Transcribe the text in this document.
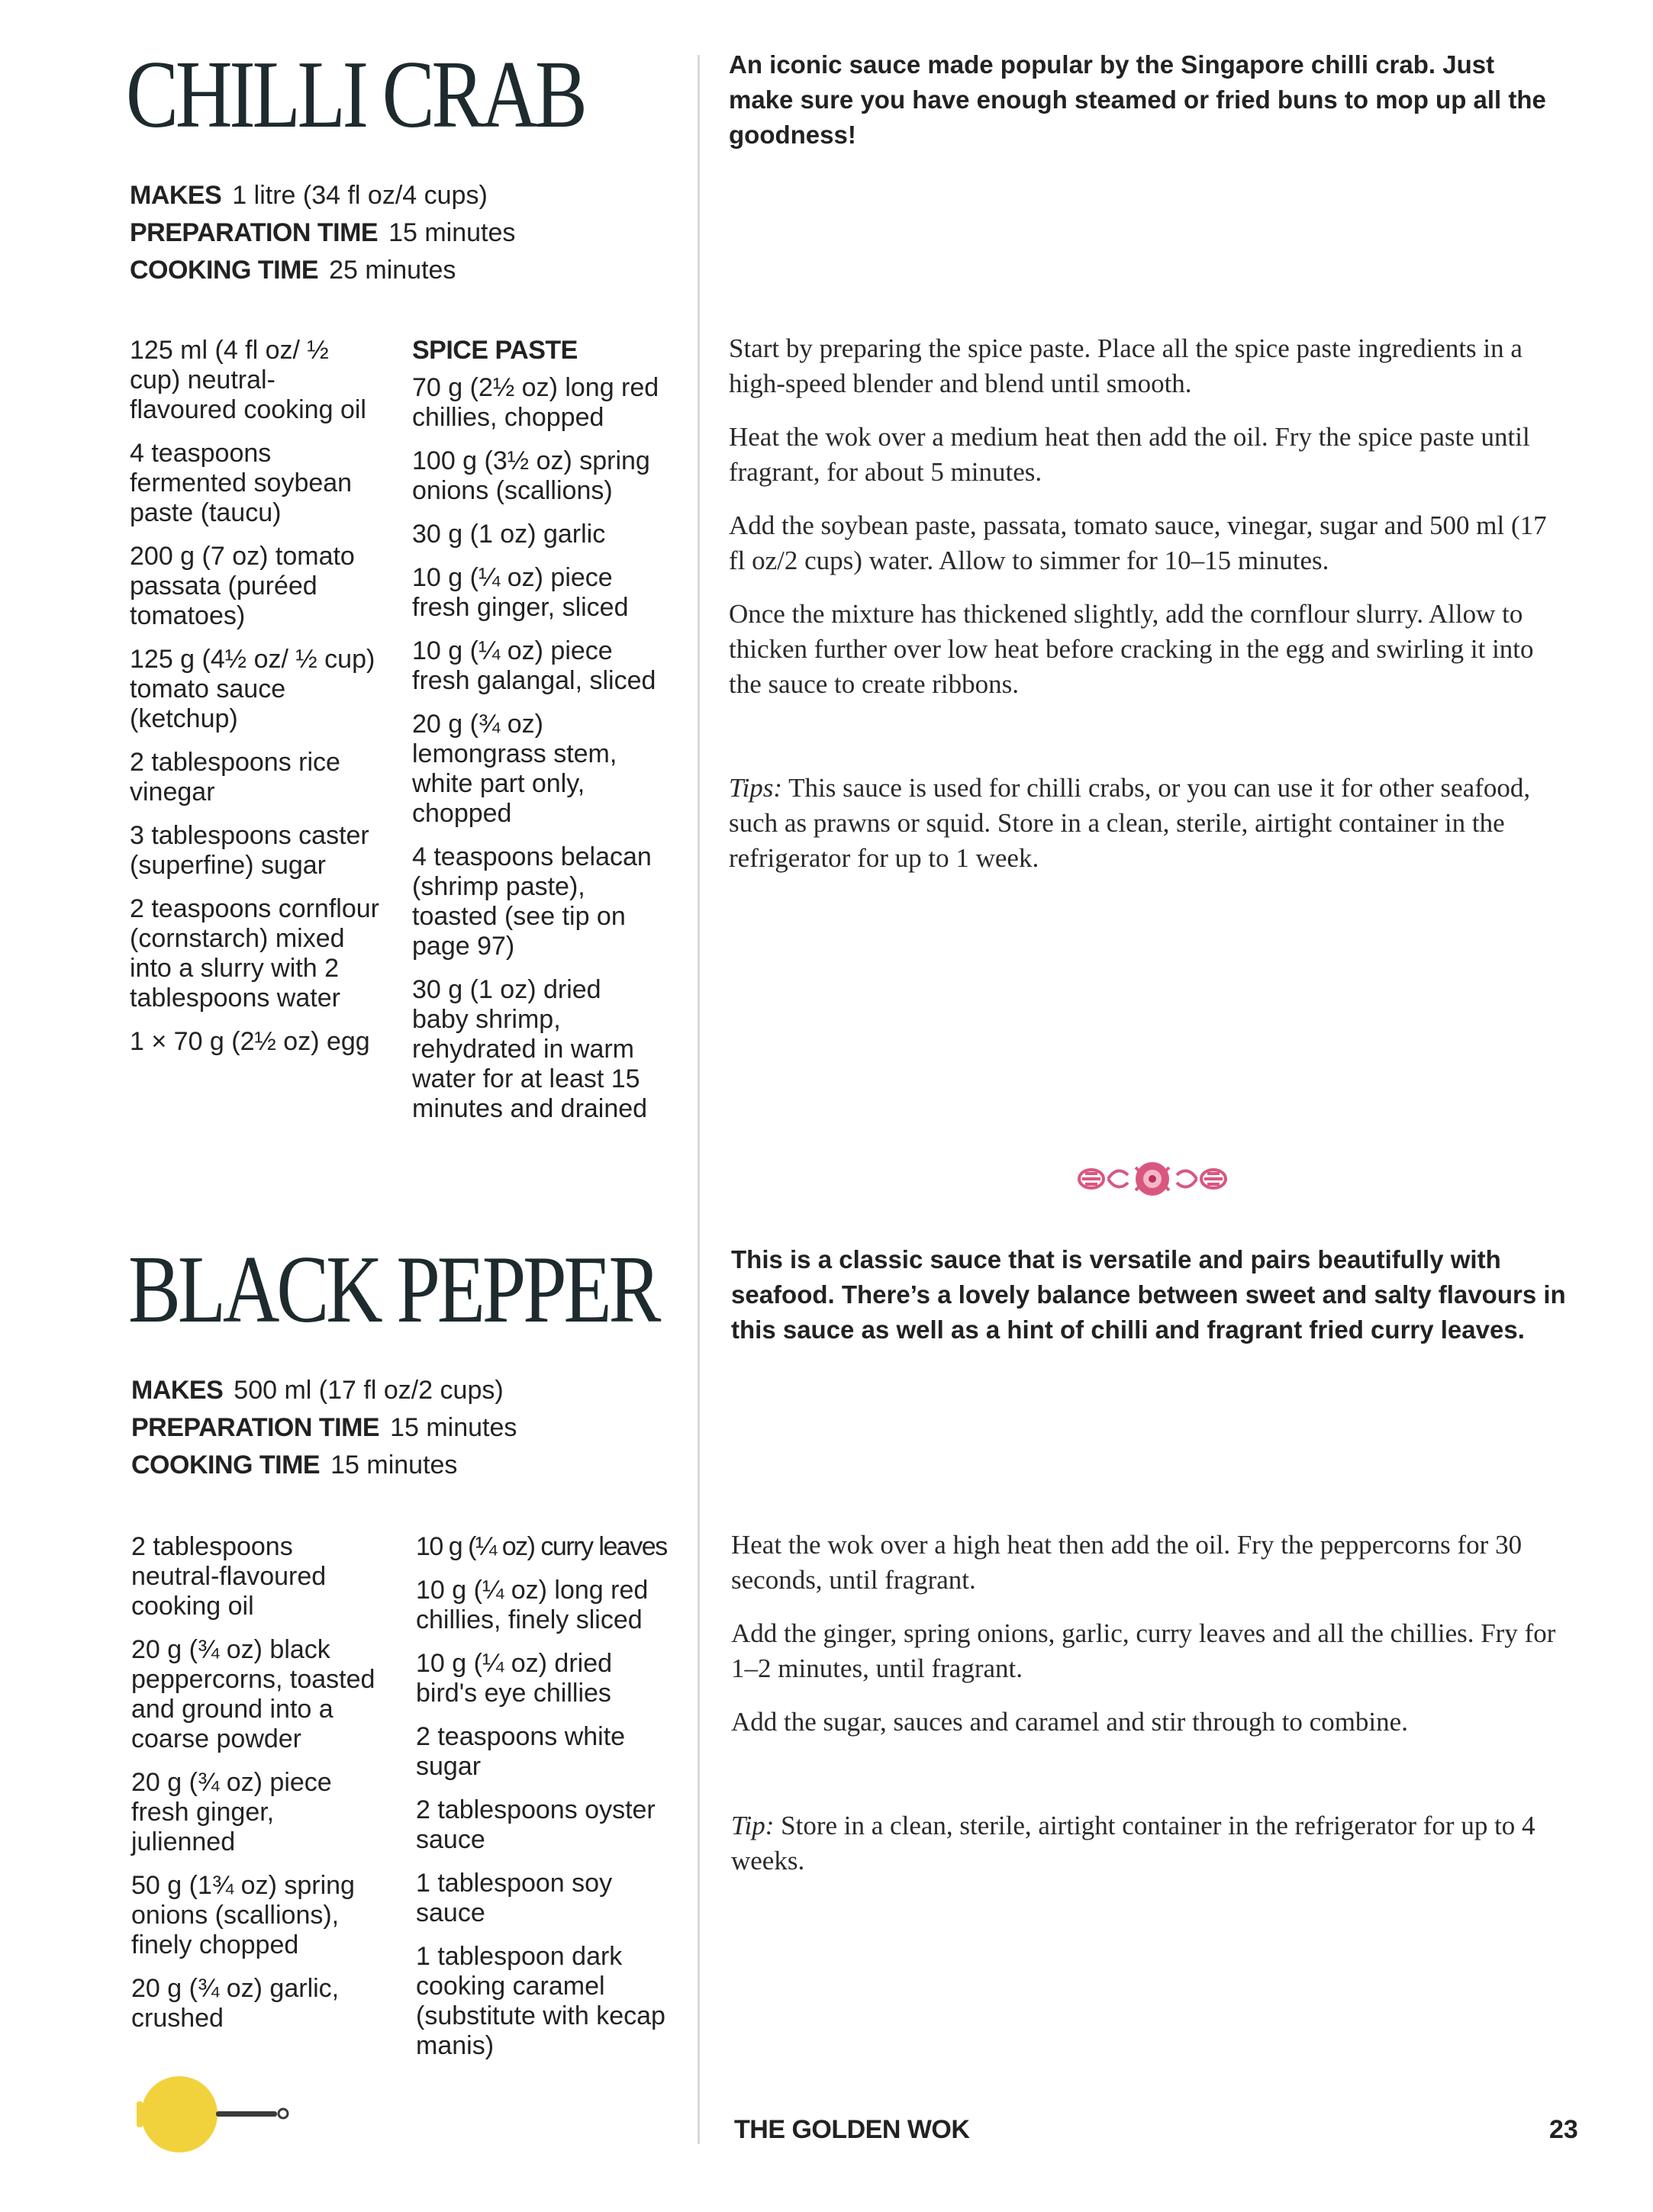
CHILLI CRAB
MAKES 1 litre (34 fl oz/4 cups)
PREPARATION TIME 15 minutes
COOKING TIME 25 minutes

125 ml (4 fl oz/ ½ cup) neutral-flavoured cooking oil

4 teaspoons fermented soybean paste (taucu)

200 g (7 oz) tomato passata (puréed tomatoes)

125 g (4½ oz/ ½ cup) tomato sauce (ketchup)

2 tablespoons rice vinegar

3 tablespoons caster (superfine) sugar

2 teaspoons cornflour (cornstarch) mixed into a slurry with 2 tablespoons water

1 × 70 g (2½ oz) egg

SPICE PASTE

70 g (2½ oz) long red chillies, chopped

100 g (3½ oz) spring onions (scallions)

30 g (1 oz) garlic

10 g (¼ oz) piece fresh ginger, sliced

10 g (¼ oz) piece fresh galangal, sliced

20 g (¾ oz) lemongrass stem, white part only, chopped

4 teaspoons belacan (shrimp paste), toasted (see tip on page 97)

30 g (1 oz) dried baby shrimp, rehydrated in warm water for at least 15 minutes and drained

An iconic sauce made popular by the Singapore chilli crab. Just make sure you have enough steamed or fried buns to mop up all the goodness!

Start by preparing the spice paste. Place all the spice paste ingredients in a high-speed blender and blend until smooth.

Heat the wok over a medium heat then add the oil. Fry the spice paste until fragrant, for about 5 minutes.

Add the soybean paste, passata, tomato sauce, vinegar, sugar and 500 ml (17 fl oz/2 cups) water. Allow to simmer for 10–15 minutes.

Once the mixture has thickened slightly, add the cornflour slurry. Allow to thicken further over low heat before cracking in the egg and swirling it into the sauce to create ribbons.

Tips: This sauce is used for chilli crabs, or you can use it for other seafood, such as prawns or squid. Store in a clean, sterile, airtight container in the refrigerator for up to 1 week.
BLACK PEPPER
MAKES 500 ml (17 fl oz/2 cups)
PREPARATION TIME 15 minutes
COOKING TIME 15 minutes

2 tablespoons neutral-flavoured cooking oil

20 g (¾ oz) black peppercorns, toasted and ground into a coarse powder

20 g (¾ oz) piece fresh ginger, julienned

50 g (1¾ oz) spring onions (scallions), finely chopped

20 g (¾ oz) garlic, crushed

10 g (¼ oz) curry leaves

10 g (¼ oz) long red chillies, finely sliced

10 g (¼ oz) dried bird's eye chillies

2 teaspoons white sugar

2 tablespoons oyster sauce

1 tablespoon soy sauce

1 tablespoon dark cooking caramel (substitute with kecap manis)

This is a classic sauce that is versatile and pairs beautifully with seafood. There’s a lovely balance between sweet and salty flavours in this sauce as well as a hint of chilli and fragrant fried curry leaves.

Heat the wok over a high heat then add the oil. Fry the peppercorns for 30 seconds, until fragrant.

Add the ginger, spring onions, garlic, curry leaves and all the chillies. Fry for 1–2 minutes, until fragrant.

Add the sugar, sauces and caramel and stir through to combine.

Tip: Store in a clean, sterile, airtight container in the refrigerator for up to 4 weeks.
THE GOLDEN WOK	23
